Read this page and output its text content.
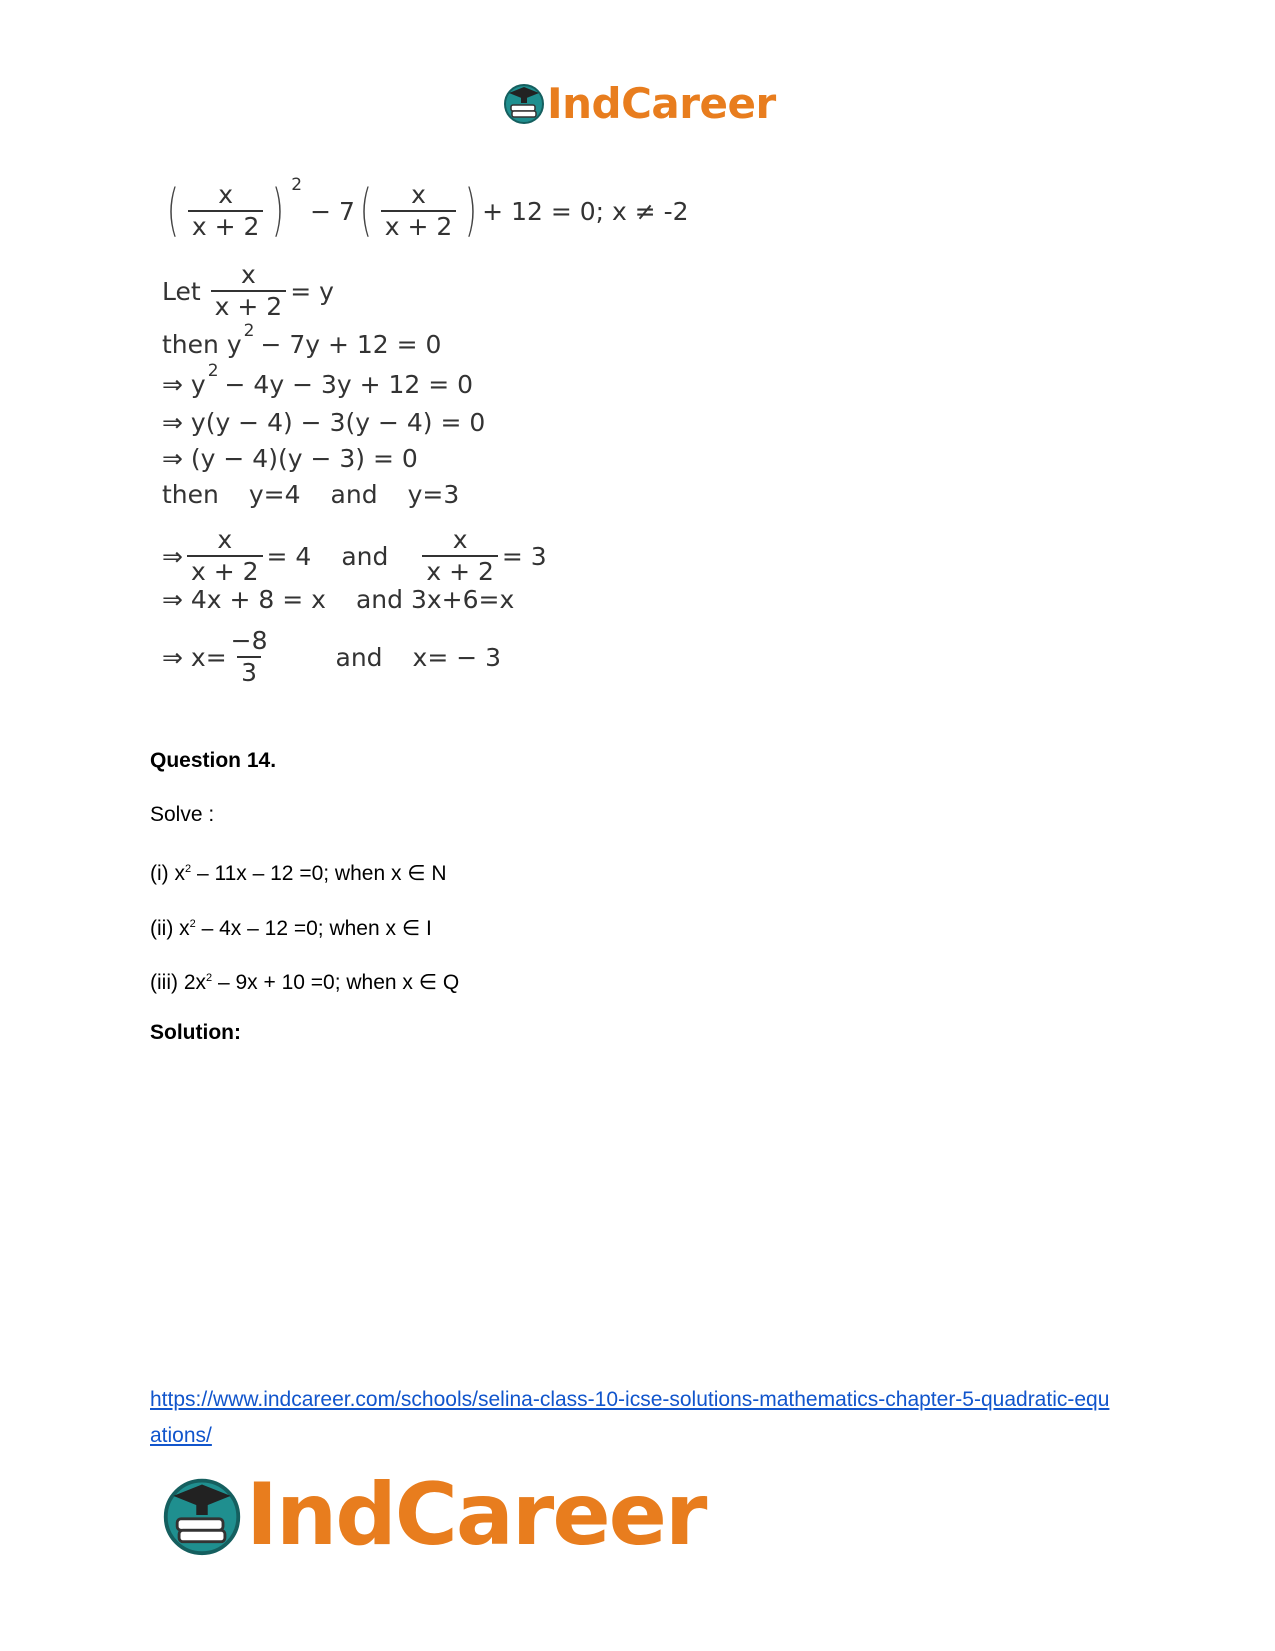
IndCareer
( $\frac{x}{x + 2}$ ) $^2$
− 7 ( $\frac{x}{x + 2}$ ) + 12 = 0; x ≠ -2
Let $\frac{x}{x + 2} = y$
then $y^2 - 7y + 12 = 0$
⇒ $y^2 - 4y - 3y + 12 = 0$
⇒ y(y − 4) − 3(y − 4) = 0
⇒ (y − 4)(y − 3) = 0
then y=4 and y=3
⇒ $\frac{x}{x + 2} = 4$ and $\frac{x}{x + 2} = 3$
⇒ 4x + 8 = x and 3x+6=x
⇒ $x= \frac{-8}{3}$	and x= − 3
Question 14.
Solve :
(i) $x^2 - 11x - 12 =0$; when x ∈ N
(ii) $x^2 - 4x - 12 =0$; when x ∈ I
(iii) $2x^2 - 9x + 10 =0$; when x ∈ Q
Solution:
https://www.indcareer.com/schools/selina-class-10-icse-solutions-mathematics-chapter-5-quadratic-equations/
IndCareer
